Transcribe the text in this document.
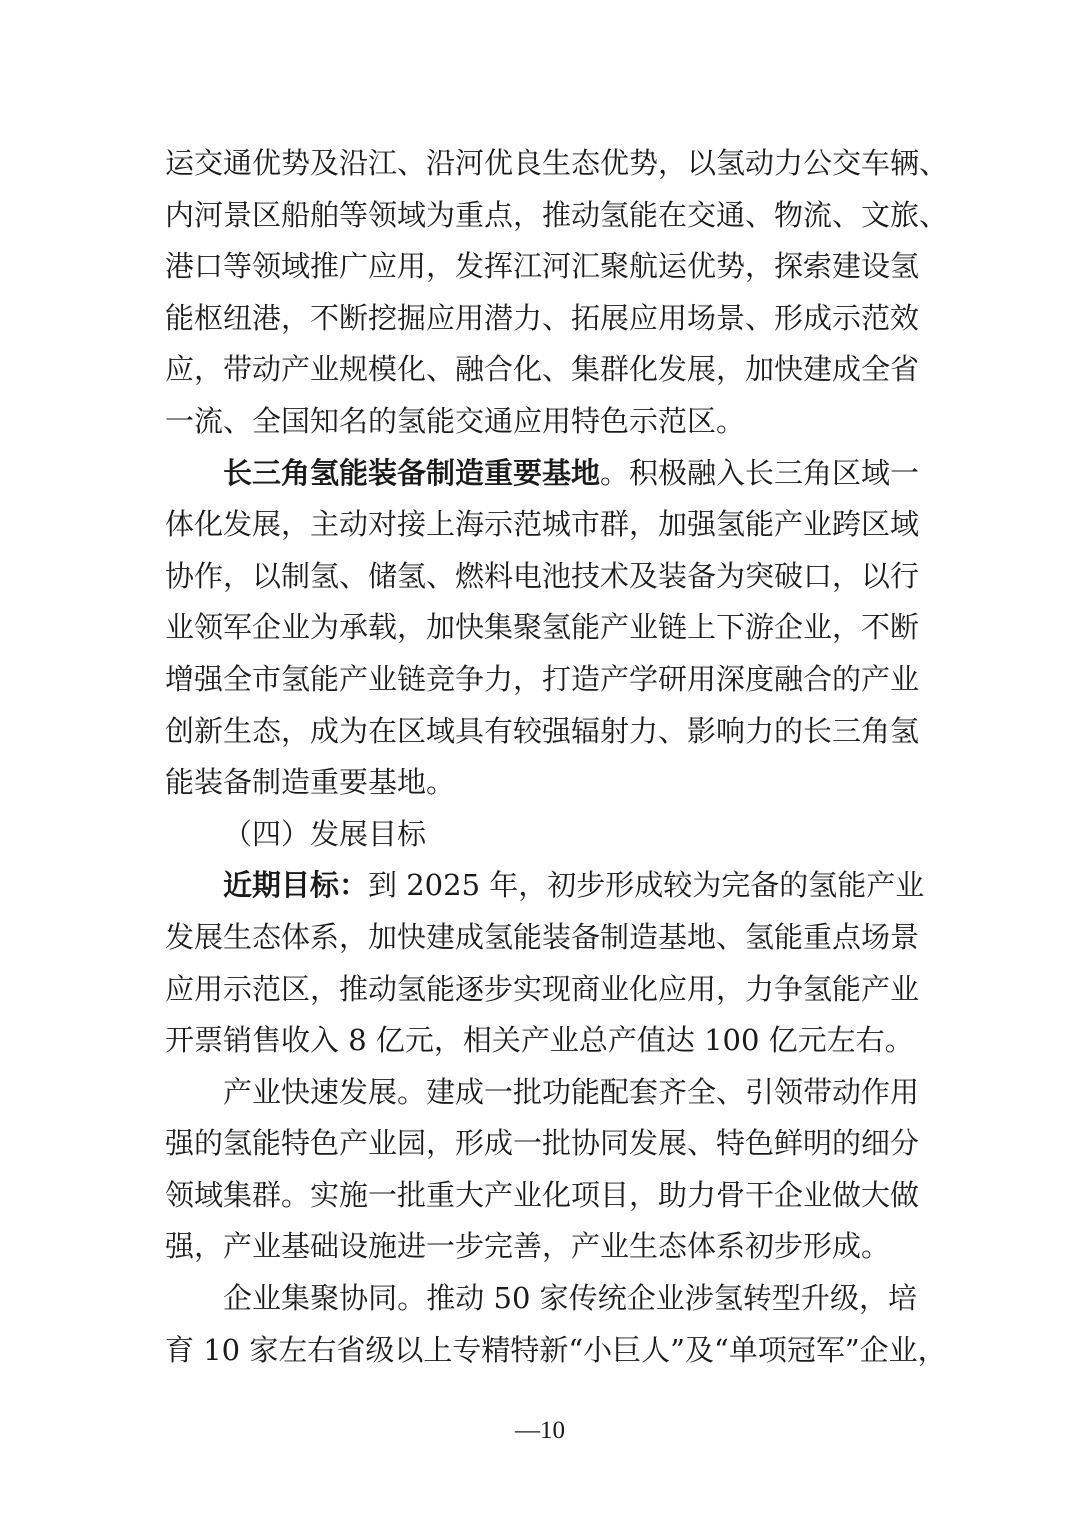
运交通优势及沿江、沿河优良生态优势，以氢动力公交车辆、
内河景区船舶等领域为重点，推动氢能在交通、物流、文旅、
港口等领域推广应用，发挥江河汇聚航运优势，探索建设氢
能枢纽港，不断挖掘应用潜力、拓展应用场景、形成示范效
应，带动产业规模化、融合化、集群化发展，加快建成全省
一流、全国知名的氢能交通应用特色示范区。
长三角氢能装备制造重要基地。积极融入长三角区域一
体化发展，主动对接上海示范城市群，加强氢能产业跨区域
协作，以制氢、储氢、燃料电池技术及装备为突破口，以行
业领军企业为承载，加快集聚氢能产业链上下游企业，不断
增强全市氢能产业链竞争力，打造产学研用深度融合的产业
创新生态，成为在区域具有较强辐射力、影响力的长三角氢
能装备制造重要基地。
（四）发展目标
近期目标：到 2025 年，初步形成较为完备的氢能产业
发展生态体系，加快建成氢能装备制造基地、氢能重点场景
应用示范区，推动氢能逐步实现商业化应用，力争氢能产业
开票销售收入 8 亿元，相关产业总产值达 100 亿元左右。
产业快速发展。建成一批功能配套齐全、引领带动作用
强的氢能特色产业园，形成一批协同发展、特色鲜明的细分
领域集群。实施一批重大产业化项目，助力骨干企业做大做
强，产业基础设施进一步完善，产业生态体系初步形成。
企业集聚协同。推动 50 家传统企业涉氢转型升级，培
育 10 家左右省级以上专精特新“小巨人”及“单项冠军”企业，
—10
